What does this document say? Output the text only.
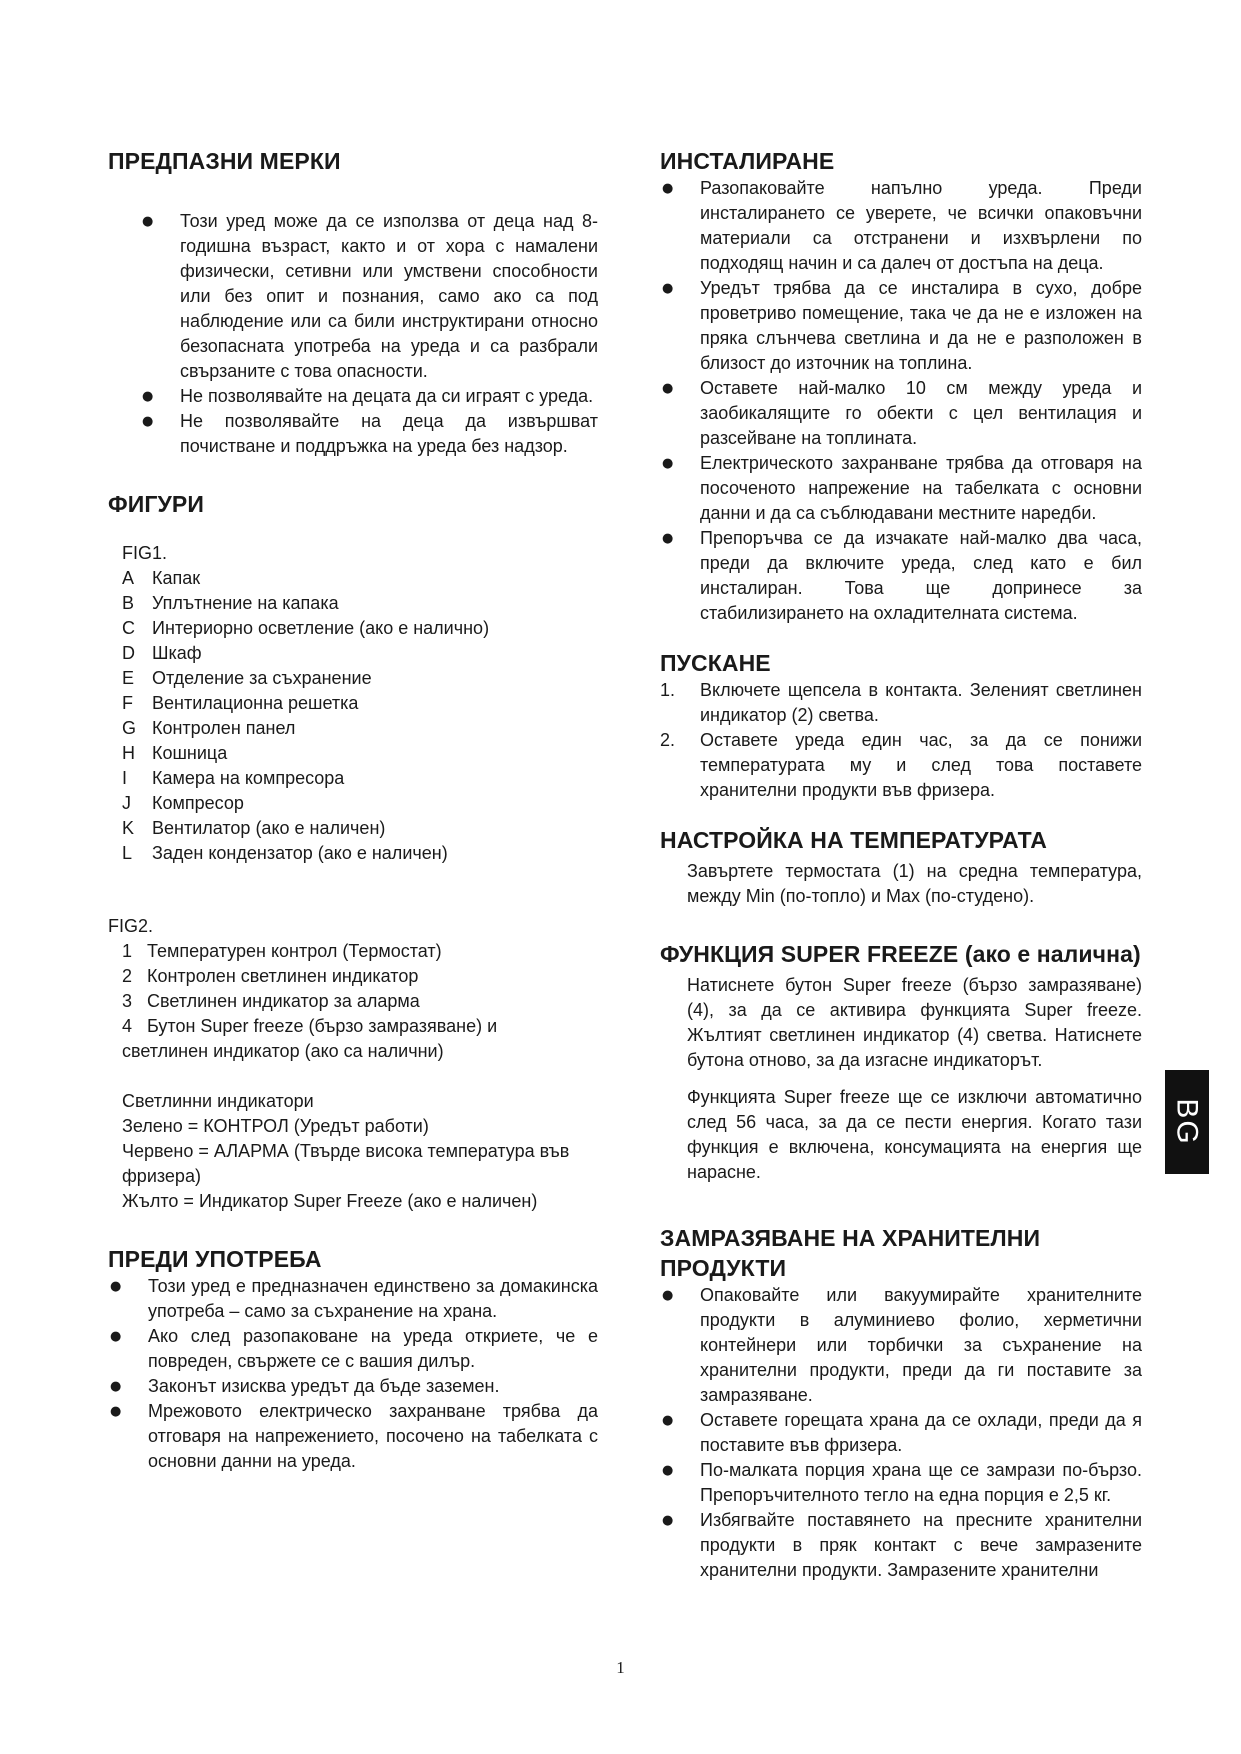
ПРЕДПАЗНИ МЕРКИ
● Този уред може да се използва от деца над 8-годишна възраст, както и от хора с намалени физически, сетивни или умствени способности или без опит и познания, само ако са под наблюдение или са били инструктирани относно безопасната употреба на уреда и са разбрали свързаните с това опасности.
● Не позволявайте на децата да си играят с уреда.
● Не позволявайте на деца да извършват почистване и поддръжка на уреда без надзор.
ФИГУРИ
FIG1.
A Капак
B Уплътнение на капака
C Интериорно осветление (ако е налично)
D Шкаф
E Отделение за съхранение
F	Вентилационна решетка
G Контролен панел
H Кошница
I	Камера на компресора
J	Компресор
K Вентилатор (ако е наличен)
L	Заден кондензатор (ако е наличен)
FIG2.
1 Температурен контрол (Термостат)
2 Контролен светлинен индикатор
3 Светлинен индикатор за аларма
4 Бутон Super freeze (бързо замразяване) и
светлинен индикатор (ако са налични)
Светлинни индикатори
Зелено = КОНТРОЛ (Уредът работи)
Червено = АЛАРМА (Твърде висока температура във фризера)
Жълто = Индикатор Super Freeze (ако е наличен)
ПРЕДИ УПОТРЕБА
● Този уред е предназначен единствено за домакинска употреба – само за съхранение на храна.
● Ако след разопаковане на уреда откриете, че е повреден, свържете се с вашия дилър.
● Законът изисква уредът да бъде заземен.
● Мрежовото електрическо захранване трябва да отговаря на напрежението, посочено на табелката с основни данни на уреда.
ИНСТАЛИРАНЕ
● Разопаковайте напълно уреда. Преди инсталирането се уверете, че всички опаковъчни материали са отстранени и изхвърлени по подходящ начин и са далеч от достъпа на деца.
● Уредът трябва да се инсталира в сухо, добре проветриво помещение, така че да не е изложен на пряка слънчева светлина и да не е разположен в близост до източник на топлина.
● Оставете най-малко 10 см между уреда и заобикалящите го обекти с цел вентилация и разсейване на топлината.
● Електрическото захранване трябва да отговаря на посоченото напрежение на табелката с основни данни и да са съблюдавани местните наредби.
● Препоръчва се да изчакате най-малко два часа, преди да включите уреда, след като е бил инсталиран. Това ще допринесе за стабилизирането на охладителната система.
ПУСКАНЕ
1. Включете щепсела в контакта. Зеленият светлинен индикатор (2) светва.
2. Оставете уреда един час, за да се понижи температурата му и след това поставете хранителни продукти във фризера.
НАСТРОЙКА НА ТЕМПЕРАТУРАТА

Завъртете термостата (1) на средна температура, между Min (по-топло) и Max (по-студено).

ФУНКЦИЯ SUPER FREEZE (ако е налична)

Натиснете бутон Super freeze (бързо замразяване) (4), за да се активира функцията Super freeze. Жълтият светлинен индикатор (4) светва. Натиснете бутона отново, за да изгасне индикаторът.

Функцията Super freeze ще се изключи автоматично след 56 часа, за да се пести енергия. Когато тази функция е включена, консумацията на енергия ще нарасне.

ЗАМРАЗЯВАНЕ НА ХРАНИТЕЛНИ ПРОДУКТИ
● Опаковайте или вакуумирайте хранителните продукти в алуминиево фолио, херметични контейнери или торбички за съхранение на хранителни продукти, преди да ги поставите за замразяване.
● Оставете горещата храна да се охлади, преди да я поставите във фризера.
● По-малката порция храна ще се замрази по-бързо. Препоръчителното тегло на една порция е 2,5 кг.
● Избягвайте поставянето на пресните хранителни продукти в пряк контакт с вече замразените хранителни продукти. Замразените хранителни
BG
1
